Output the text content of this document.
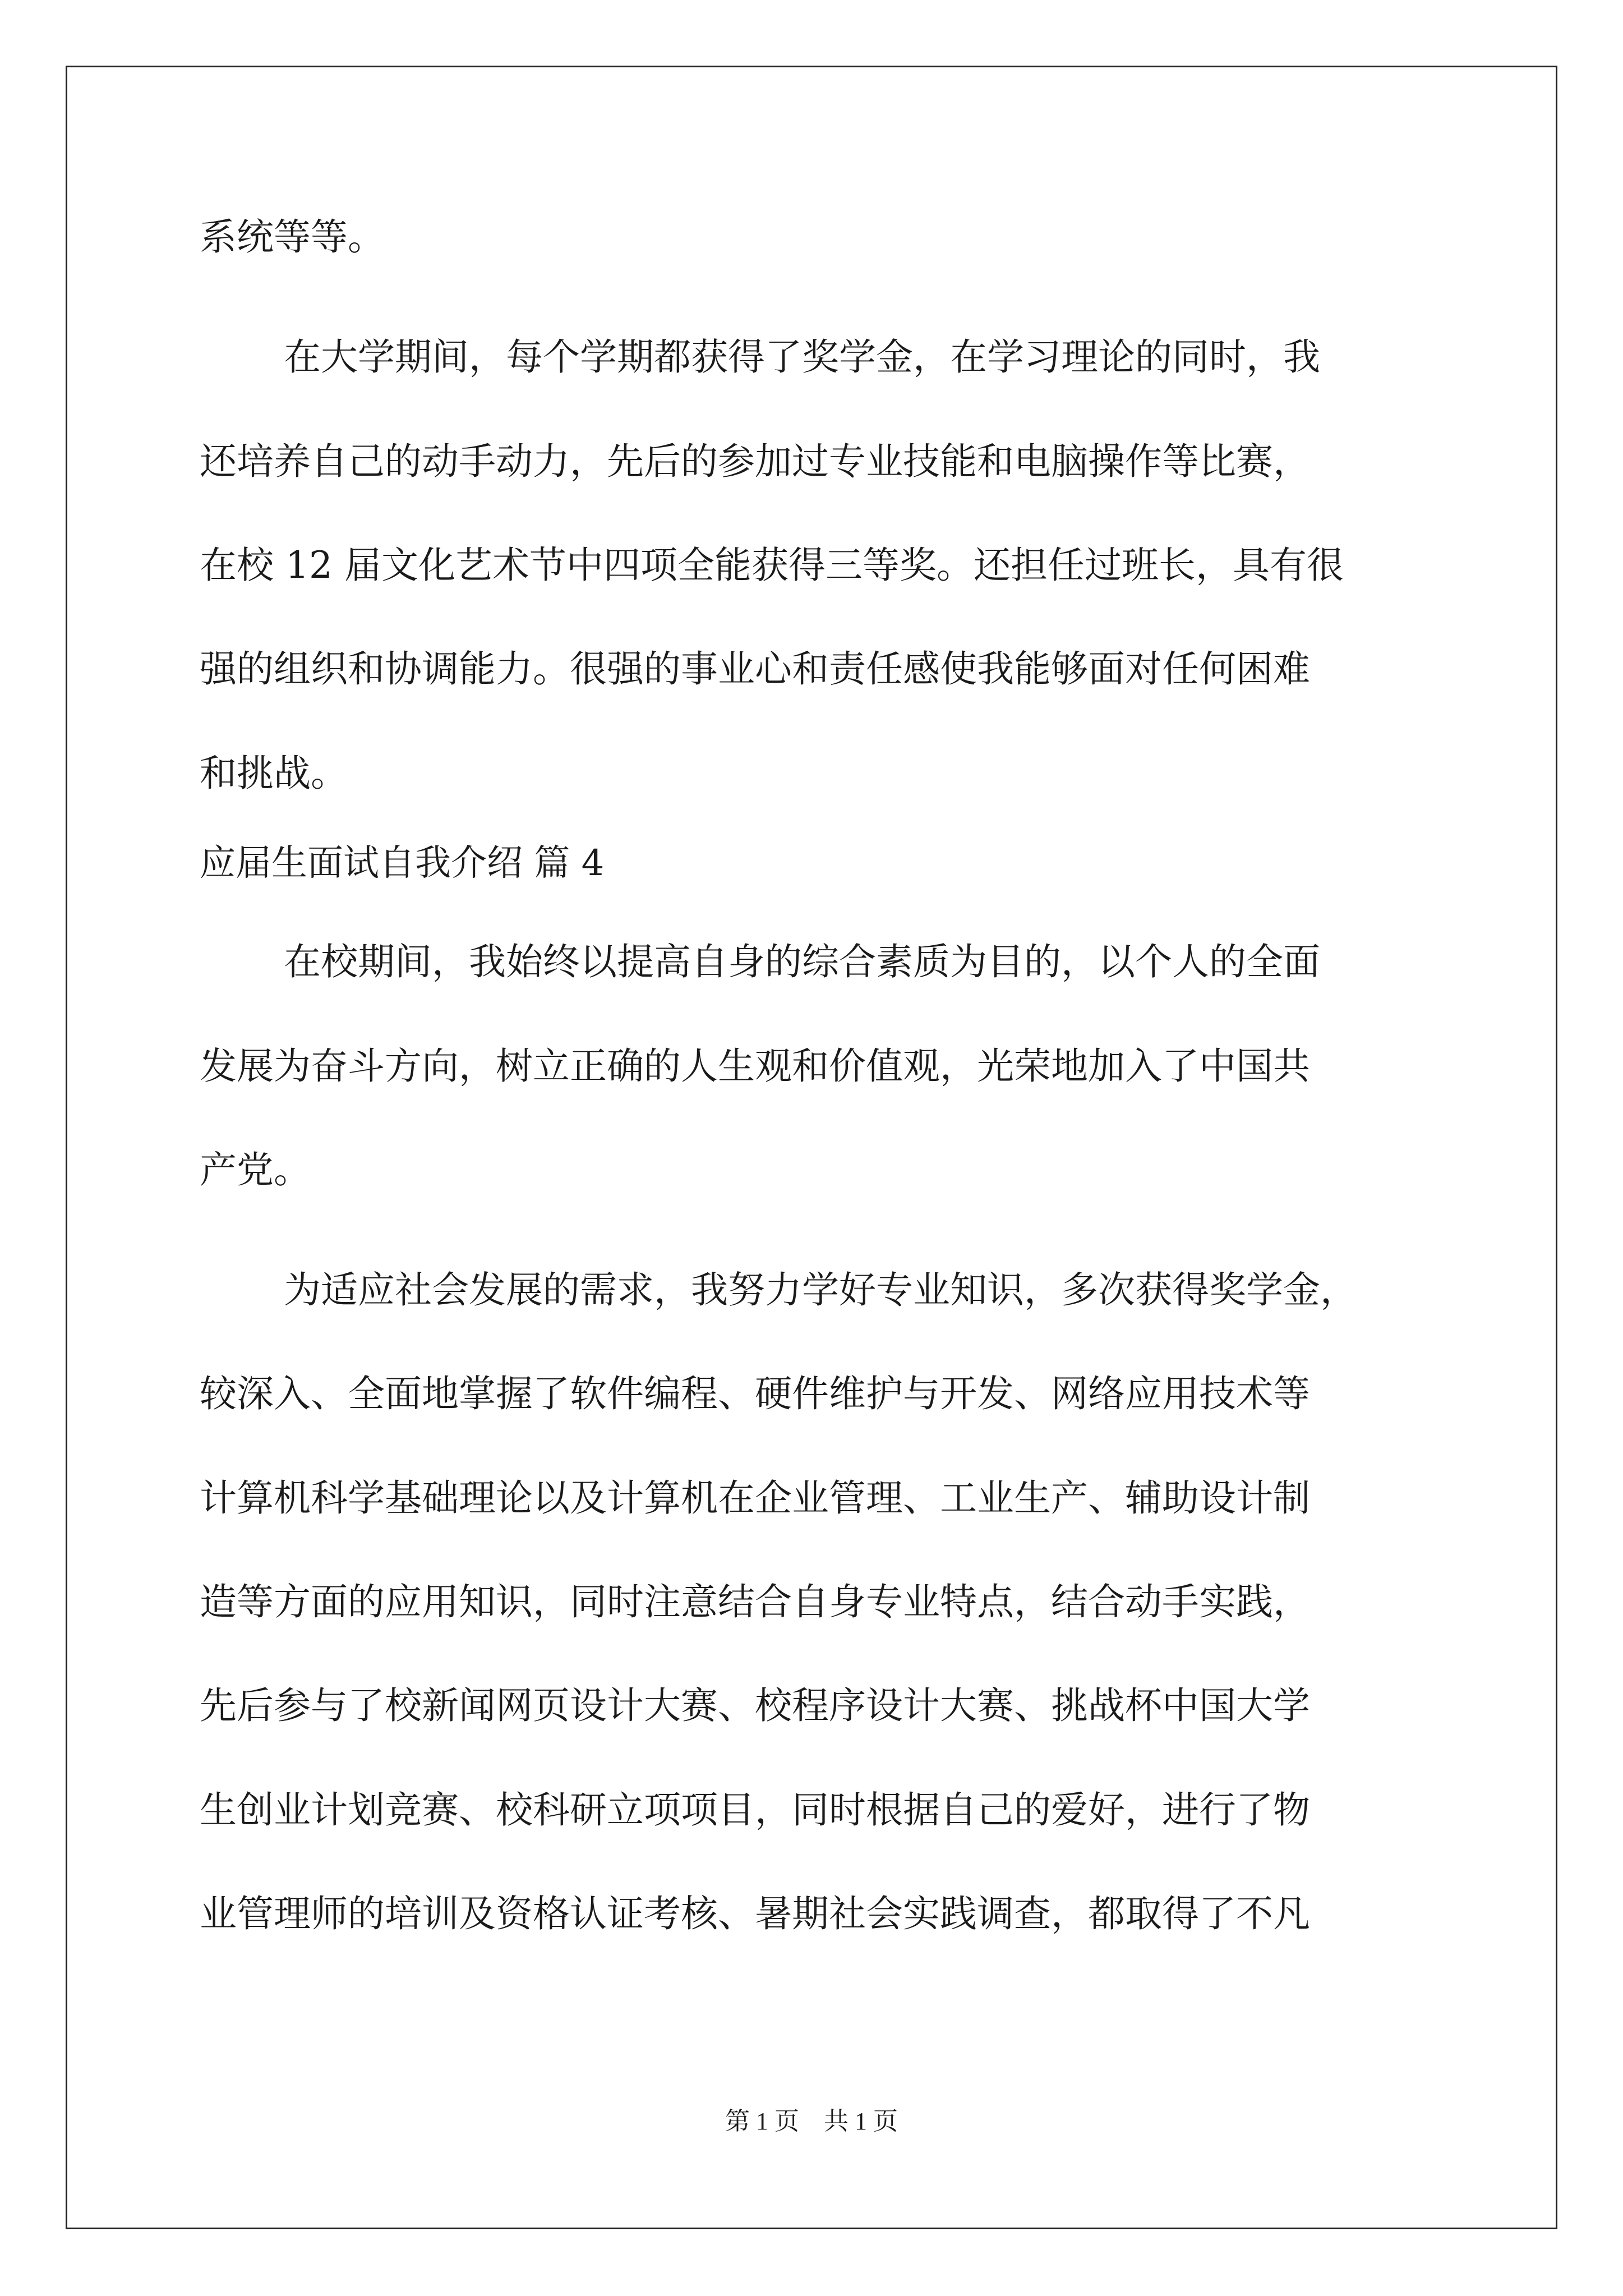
系统等等。
在大学期间，每个学期都获得了奖学金，在学习理论的同时，我
还培养自己的动手动力，先后的参加过专业技能和电脑操作等比赛，
在校 12 届文化艺术节中四项全能获得三等奖。还担任过班长，具有很
强的组织和协调能力。很强的事业心和责任感使我能够面对任何困难
和挑战。
应届生面试自我介绍 篇 4
在校期间，我始终以提高自身的综合素质为目的，以个人的全面
发展为奋斗方向，树立正确的人生观和价值观，光荣地加入了中国共
产党。
为适应社会发展的需求，我努力学好专业知识，多次获得奖学金，
较深入、全面地掌握了软件编程、硬件维护与开发、网络应用技术等
计算机科学基础理论以及计算机在企业管理、工业生产、辅助设计制
造等方面的应用知识，同时注意结合自身专业特点，结合动手实践，
先后参与了校新闻网页设计大赛、校程序设计大赛、挑战杯中国大学
生创业计划竞赛、校科研立项项目，同时根据自己的爱好，进行了物
业管理师的培训及资格认证考核、暑期社会实践调查，都取得了不凡
第 1 页　共 1 页
